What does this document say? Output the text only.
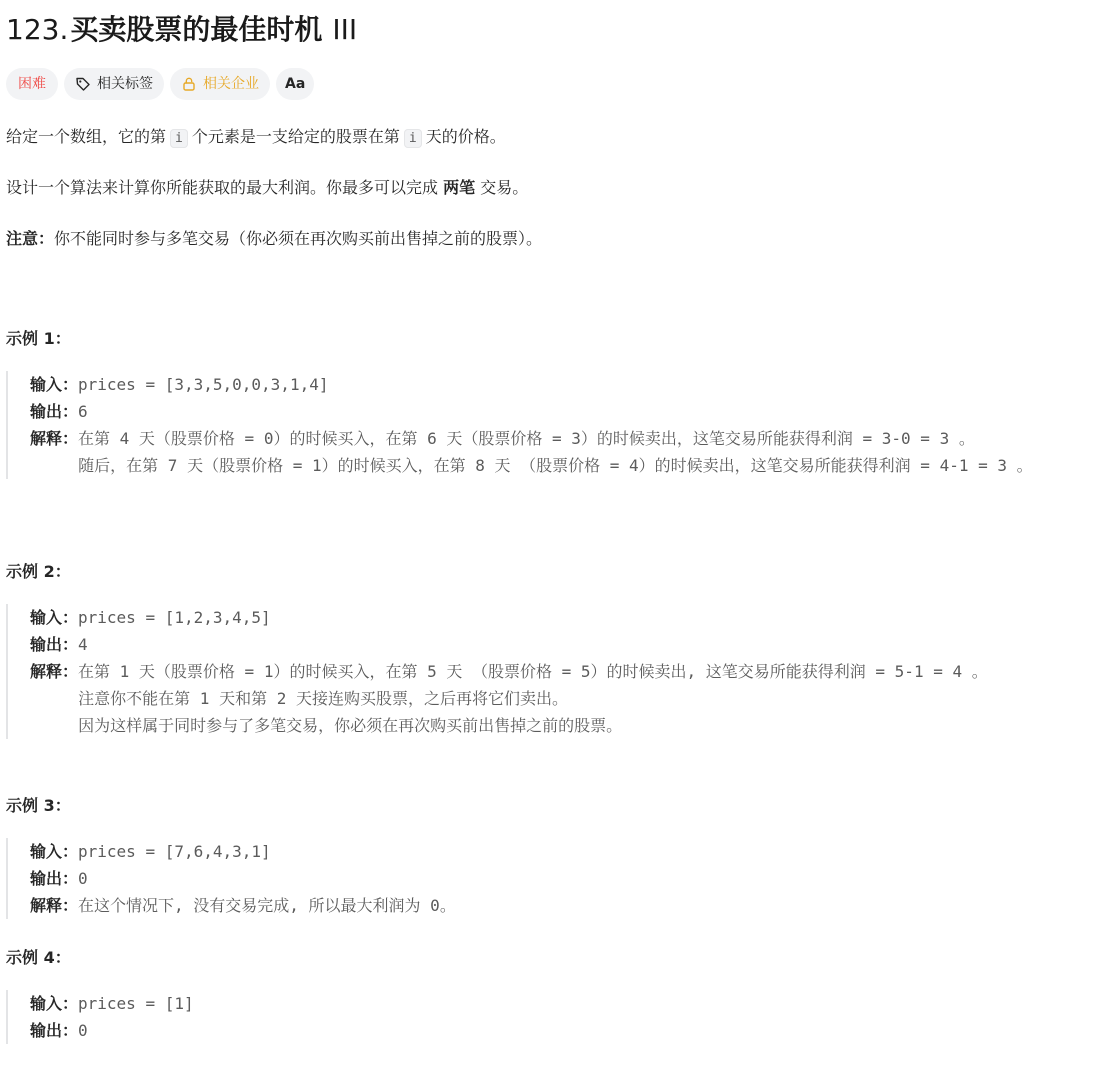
123. 买卖股票的最佳时机 III
困难	相关标签	相关企业 Aa
给定一个数组，它的第 i 个元素是一支给定的股票在第 i 天的价格。
设计一个算法来计算你所能获取的最大利润。你最多可以完成 两笔 交易。
注意：你不能同时参与多笔交易（你必须在再次购买前出售掉之前的股票）。
示例 1：
输入：prices = [3,3,5,0,0,3,1,4]
输出：6
解释：在第 4 天（股票价格 = 0）的时候买入，在第 6 天（股票价格 = 3）的时候卖出，这笔交易所能获得利润 = 3-0 = 3 。
随后，在第 7 天（股票价格 = 1）的时候买入，在第 8 天 （股票价格 = 4）的时候卖出，这笔交易所能获得利润 = 4-1 = 3 。
示例 2：
输入：prices = [1,2,3,4,5]
输出：4
解释：在第 1 天（股票价格 = 1）的时候买入，在第 5 天 （股票价格 = 5）的时候卖出, 这笔交易所能获得利润 = 5-1 = 4 。
注意你不能在第 1 天和第 2 天接连购买股票，之后再将它们卖出。
因为这样属于同时参与了多笔交易，你必须在再次购买前出售掉之前的股票。
示例 3：
输入：prices = [7,6,4,3,1]
输出：0
解释：在这个情况下, 没有交易完成, 所以最大利润为 0。
示例 4：
输入：prices = [1]
输出：0
